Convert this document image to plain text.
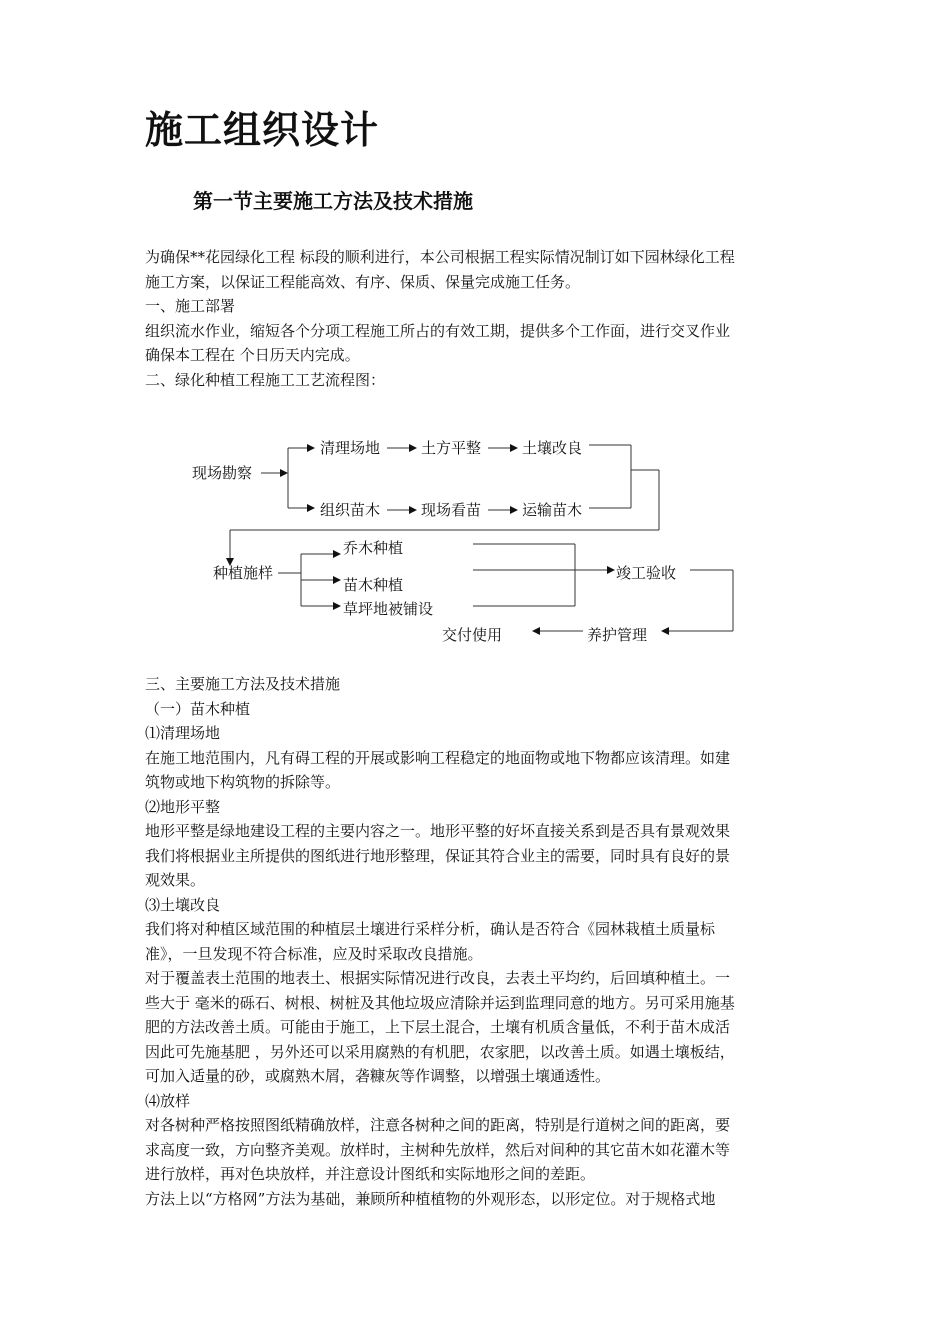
施工组织设计
第一节主要施工方法及技术措施

为确保**花园绿化工程 标段的顺利进行，本公司根据工程实际情况制订如下园林绿化工程

施工方案，以保证工程能高效、有序、保质、保量完成施工任务。

一、施工部署

组织流水作业，缩短各个分项工程施工所占的有效工期，提供多个工作面，进行交叉作业

确保本工程在 个日历天内完成。

二、绿化种植工程施工工艺流程图：

现场勘察
清理场地	土方平整	土壤改良
组织苗木	现场看苗	运输苗木
种植施样
乔木种植
苗木种植
草坪地被铺设
竣工验收
养护管理
交付使用

三、主要施工方法及技术措施

（一）苗木种植

⑴清理场地

在施工地范围内，凡有碍工程的开展或影响工程稳定的地面物或地下物都应该清理。如建

筑物或地下构筑物的拆除等。

⑵地形平整

地形平整是绿地建设工程的主要内容之一。地形平整的好坏直接关系到是否具有景观效果

我们将根据业主所提供的图纸进行地形整理，保证其符合业主的需要，同时具有良好的景

观效果。

⑶土壤改良

我们将对种植区域范围的种植层土壤进行采样分析，确认是否符合《园林栽植土质量标

准》，一旦发现不符合标准，应及时采取改良措施。

对于覆盖表土范围的地表土、根据实际情况进行改良，去表土平均约，后回填种植土。一

些大于 毫米的砾石、树根、树桩及其他垃圾应清除并运到监理同意的地方。另可采用施基

肥的方法改善土质。可能由于施工，上下层土混合，土壤有机质含量低，不利于苗木成活

因此可先施基肥 ，另外还可以采用腐熟的有机肥，农家肥，以改善土质。如遇土壤板结，

可加入适量的砂，或腐熟木屑，砻糠灰等作调整，以增强土壤通透性。

⑷放样

对各树种严格按照图纸精确放样，注意各树种之间的距离，特别是行道树之间的距离，要

求高度一致，方向整齐美观。放样时，主树种先放样，然后对间种的其它苗木如花灌木等

进行放样，再对色块放样，并注意设计图纸和实际地形之间的差距。

方法上以“方格网”方法为基础，兼顾所种植植物的外观形态，以形定位。对于规格式地
